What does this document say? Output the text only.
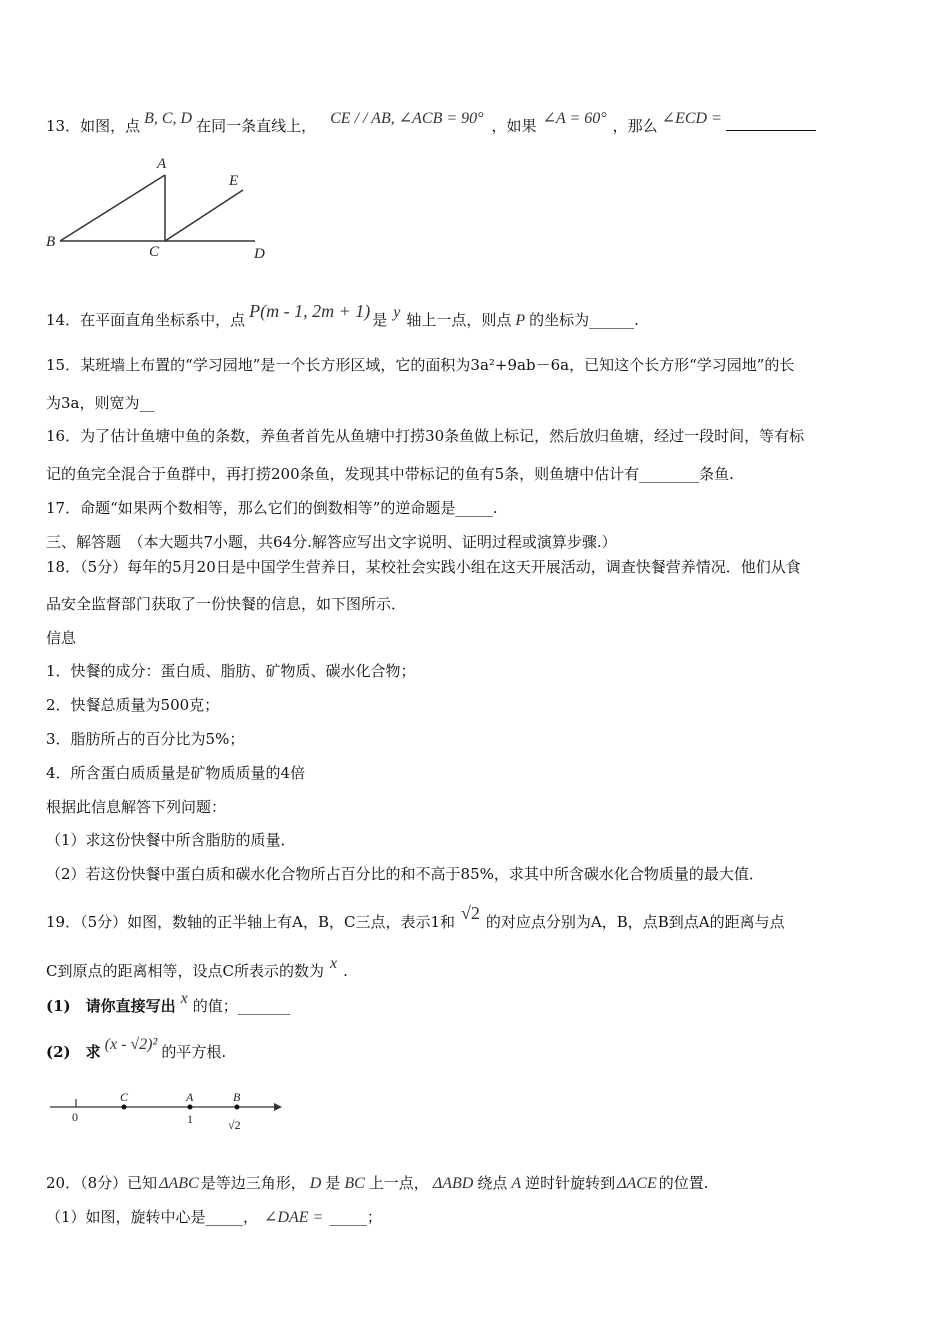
13．如图，点 B, C, D 在同一条直线上， CE / / AB, ∠ACB = 90° ，如果 ∠A = 60° ，那么 ∠ECD =
A
B
C	D
E
14．在平面直角坐标系中，点 P(m - 1, 2m + 1) 是 y 轴上一点，则点 P 的坐标为______.
15．某班墙上布置的“学习园地”是一个长方形区域，它的面积为3a²+9ab－6a，已知这个长方形“学习园地”的长
为3a，则宽为__
16．为了估计鱼塘中鱼的条数，养鱼者首先从鱼塘中打捞30条鱼做上标记，然后放归鱼塘，经过一段时间，等有标
记的鱼完全混合于鱼群中，再打捞200条鱼，发现其中带标记的鱼有5条，则鱼塘中估计有________条鱼.
17．命题“如果两个数相等，那么它们的倒数相等”的逆命题是_____.
三、解答题　（本大题共7小题，共64分.解答应写出文字说明、证明过程或演算步骤.）
18．（5分）每年的5月20日是中国学生营养日，某校社会实践小组在这天开展活动，调查快餐营养情况．他们从食
品安全监督部门获取了一份快餐的信息，如下图所示．
信息
1．快餐的成分：蛋白质、脂肪、矿物质、碳水化合物；
2．快餐总质量为500克；
3．脂肪所占的百分比为5%；
4．所含蛋白质质量是矿物质质量的4倍
根据此信息解答下列问题：
（1）求这份快餐中所含脂肪的质量．
（2）若这份快餐中蛋白质和碳水化合物所占百分比的和不高于85%，求其中所含碳水化合物质量的最大值．
19．（5分）如图，数轴的正半轴上有A，B，C三点，表示1和 √2 的对应点分别为A，B，点B到点A的距离与点
C到原点的距离相等，设点C所表示的数为 x .
(1)　请你直接写出 x 的值；_______
(2)　求 (x - √2)² 的平方根.
0
C	A
1
B
√2
20．（8分）已知 ΔABC 是等边三角形， D 是 BC 上一点， ΔABD 绕点 A 逆时针旋转到 ΔACE 的位置.
（1）如图，旋转中心是_____， ∠DAE = _____；
